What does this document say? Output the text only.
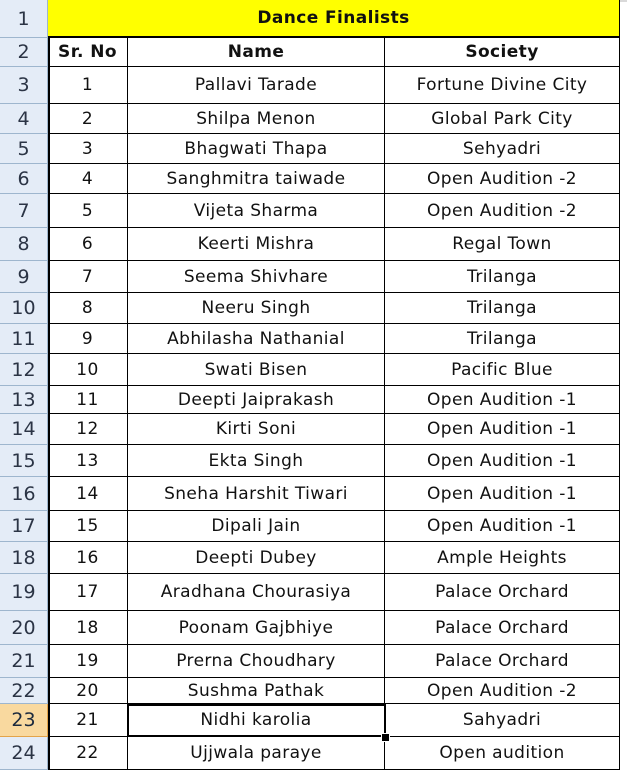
1
2
3
4
5
6
7
8
9
10
11
12
13
14
15
16
17
18
19
20
21
22
23
24
Dance Finalists
Sr. No	Name	Society
1	Pallavi Tarade	Fortune Divine City
2	Shilpa Menon	Global Park City
3	Bhagwati Thapa	Sehyadri
4	Sanghmitra taiwade	Open Audition -2
5	Vijeta Sharma	Open Audition -2
6	Keerti Mishra	Regal Town
7	Seema Shivhare	Trilanga
8	Neeru Singh	Trilanga
9	Abhilasha Nathanial	Trilanga
10	Swati Bisen	Pacific Blue
11	Deepti Jaiprakash	Open Audition -1
12	Kirti Soni	Open Audition -1
13	Ekta Singh	Open Audition -1
14	Sneha Harshit Tiwari	Open Audition -1
15	Dipali Jain	Open Audition -1
16	Deepti Dubey	Ample Heights
17	Aradhana Chourasiya	Palace Orchard
18	Poonam Gajbhiye	Palace Orchard
19	Prerna Choudhary	Palace Orchard
20	Sushma Pathak	Open Audition -2
21	Nidhi karolia	Sahyadri
22	Ujjwala paraye	Open audition
